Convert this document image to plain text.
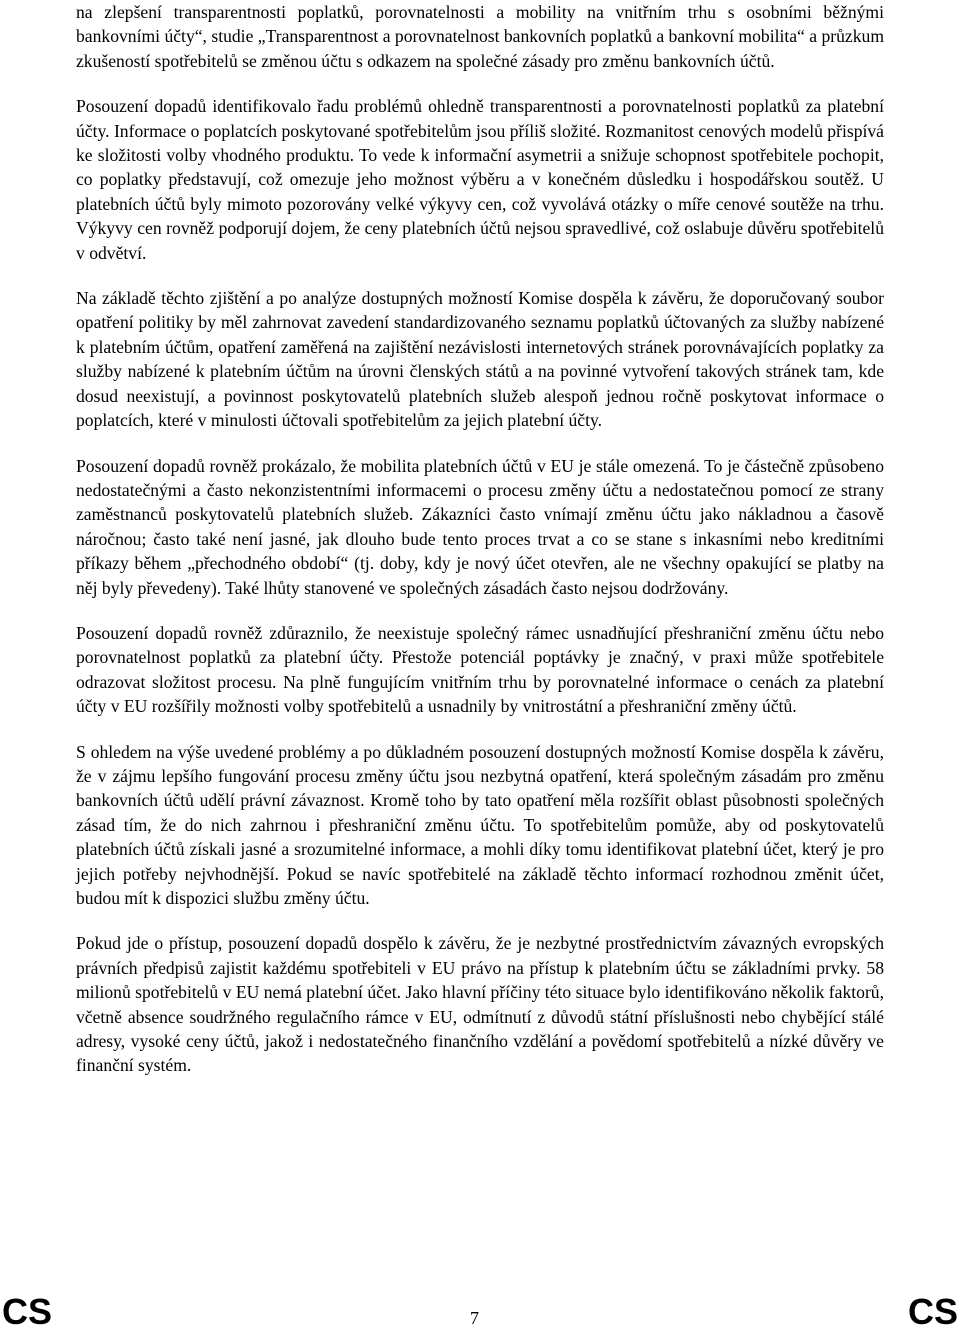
na zlepšení transparentnosti poplatků, porovnatelnosti a mobility na vnitřním trhu s osobními běžnými bankovními účty“, studie „Transparentnost a porovnatelnost bankovních poplatků a bankovní mobilita“ a průzkum zkušeností spotřebitelů se změnou účtu s odkazem na společné zásady pro změnu bankovních účtů.

Posouzení dopadů identifikovalo řadu problémů ohledně transparentnosti a porovnatelnosti poplatků za platební účty. Informace o poplatcích poskytované spotřebitelům jsou příliš složité. Rozmanitost cenových modelů přispívá ke složitosti volby vhodného produktu. To vede k informační asymetrii a snižuje schopnost spotřebitele pochopit, co poplatky představují, což omezuje jeho možnost výběru a v konečném důsledku i hospodářskou soutěž. U platebních účtů byly mimoto pozorovány velké výkyvy cen, což vyvolává otázky o míře cenové soutěže na trhu. Výkyvy cen rovněž podporují dojem, že ceny platebních účtů nejsou spravedlivé, což oslabuje důvěru spotřebitelů v odvětví.

Na základě těchto zjištění a po analýze dostupných možností Komise dospěla k závěru, že doporučovaný soubor opatření politiky by měl zahrnovat zavedení standardizovaného seznamu poplatků účtovaných za služby nabízené k platebním účtům, opatření zaměřená na zajištění nezávislosti internetových stránek porovnávajících poplatky za služby nabízené k platebním účtům na úrovni členských států a na povinné vytvoření takových stránek tam, kde dosud neexistují, a povinnost poskytovatelů platebních služeb alespoň jednou ročně poskytovat informace o poplatcích, které v minulosti účtovali spotřebitelům za jejich platební účty.

Posouzení dopadů rovněž prokázalo, že mobilita platebních účtů v EU je stále omezená. To je částečně způsobeno nedostatečnými a často nekonzistentními informacemi o procesu změny účtu a nedostatečnou pomocí ze strany zaměstnanců poskytovatelů platebních služeb. Zákazníci často vnímají změnu účtu jako nákladnou a časově náročnou; často také není jasné, jak dlouho bude tento proces trvat a co se stane s inkasními nebo kreditními příkazy během „přechodného období“ (tj. doby, kdy je nový účet otevřen, ale ne všechny opakující se platby na něj byly převedeny). Také lhůty stanovené ve společných zásadách často nejsou dodržovány.

Posouzení dopadů rovněž zdůraznilo, že neexistuje společný rámec usnadňující přeshraniční změnu účtu nebo porovnatelnost poplatků za platební účty. Přestože potenciál poptávky je značný, v praxi může spotřebitele odrazovat složitost procesu. Na plně fungujícím vnitřním trhu by porovnatelné informace o cenách za platební účty v EU rozšířily možnosti volby spotřebitelů a usnadnily by vnitrostátní a přeshraniční změny účtů.

S ohledem na výše uvedené problémy a po důkladném posouzení dostupných možností Komise dospěla k závěru, že v zájmu lepšího fungování procesu změny účtu jsou nezbytná opatření, která společným zásadám pro změnu bankovních účtů udělí právní závaznost. Kromě toho by tato opatření měla rozšířit oblast působnosti společných zásad tím, že do nich zahrnou i přeshraniční změnu účtu. To spotřebitelům pomůže, aby od poskytovatelů platebních účtů získali jasné a srozumitelné informace, a mohli díky tomu identifikovat platební účet, který je pro jejich potřeby nejvhodnější. Pokud se navíc spotřebitelé na základě těchto informací rozhodnou změnit účet, budou mít k dispozici službu změny účtu.

Pokud jde o přístup, posouzení dopadů dospělo k závěru, že je nezbytné prostřednictvím závazných evropských právních předpisů zajistit každému spotřebiteli v EU právo na přístup k platebním účtu se základními prvky. 58 milionů spotřebitelů v EU nemá platební účet. Jako hlavní příčiny této situace bylo identifikováno několik faktorů, včetně absence soudržného regulačního rámce v EU, odmítnutí z důvodů státní příslušnosti nebo chybějící stálé adresy, vysoké ceny účtů, jakož i nedostatečného finančního vzdělání a povědomí spotřebitelů a nízké důvěry ve finanční systém.

CS	7	CS
